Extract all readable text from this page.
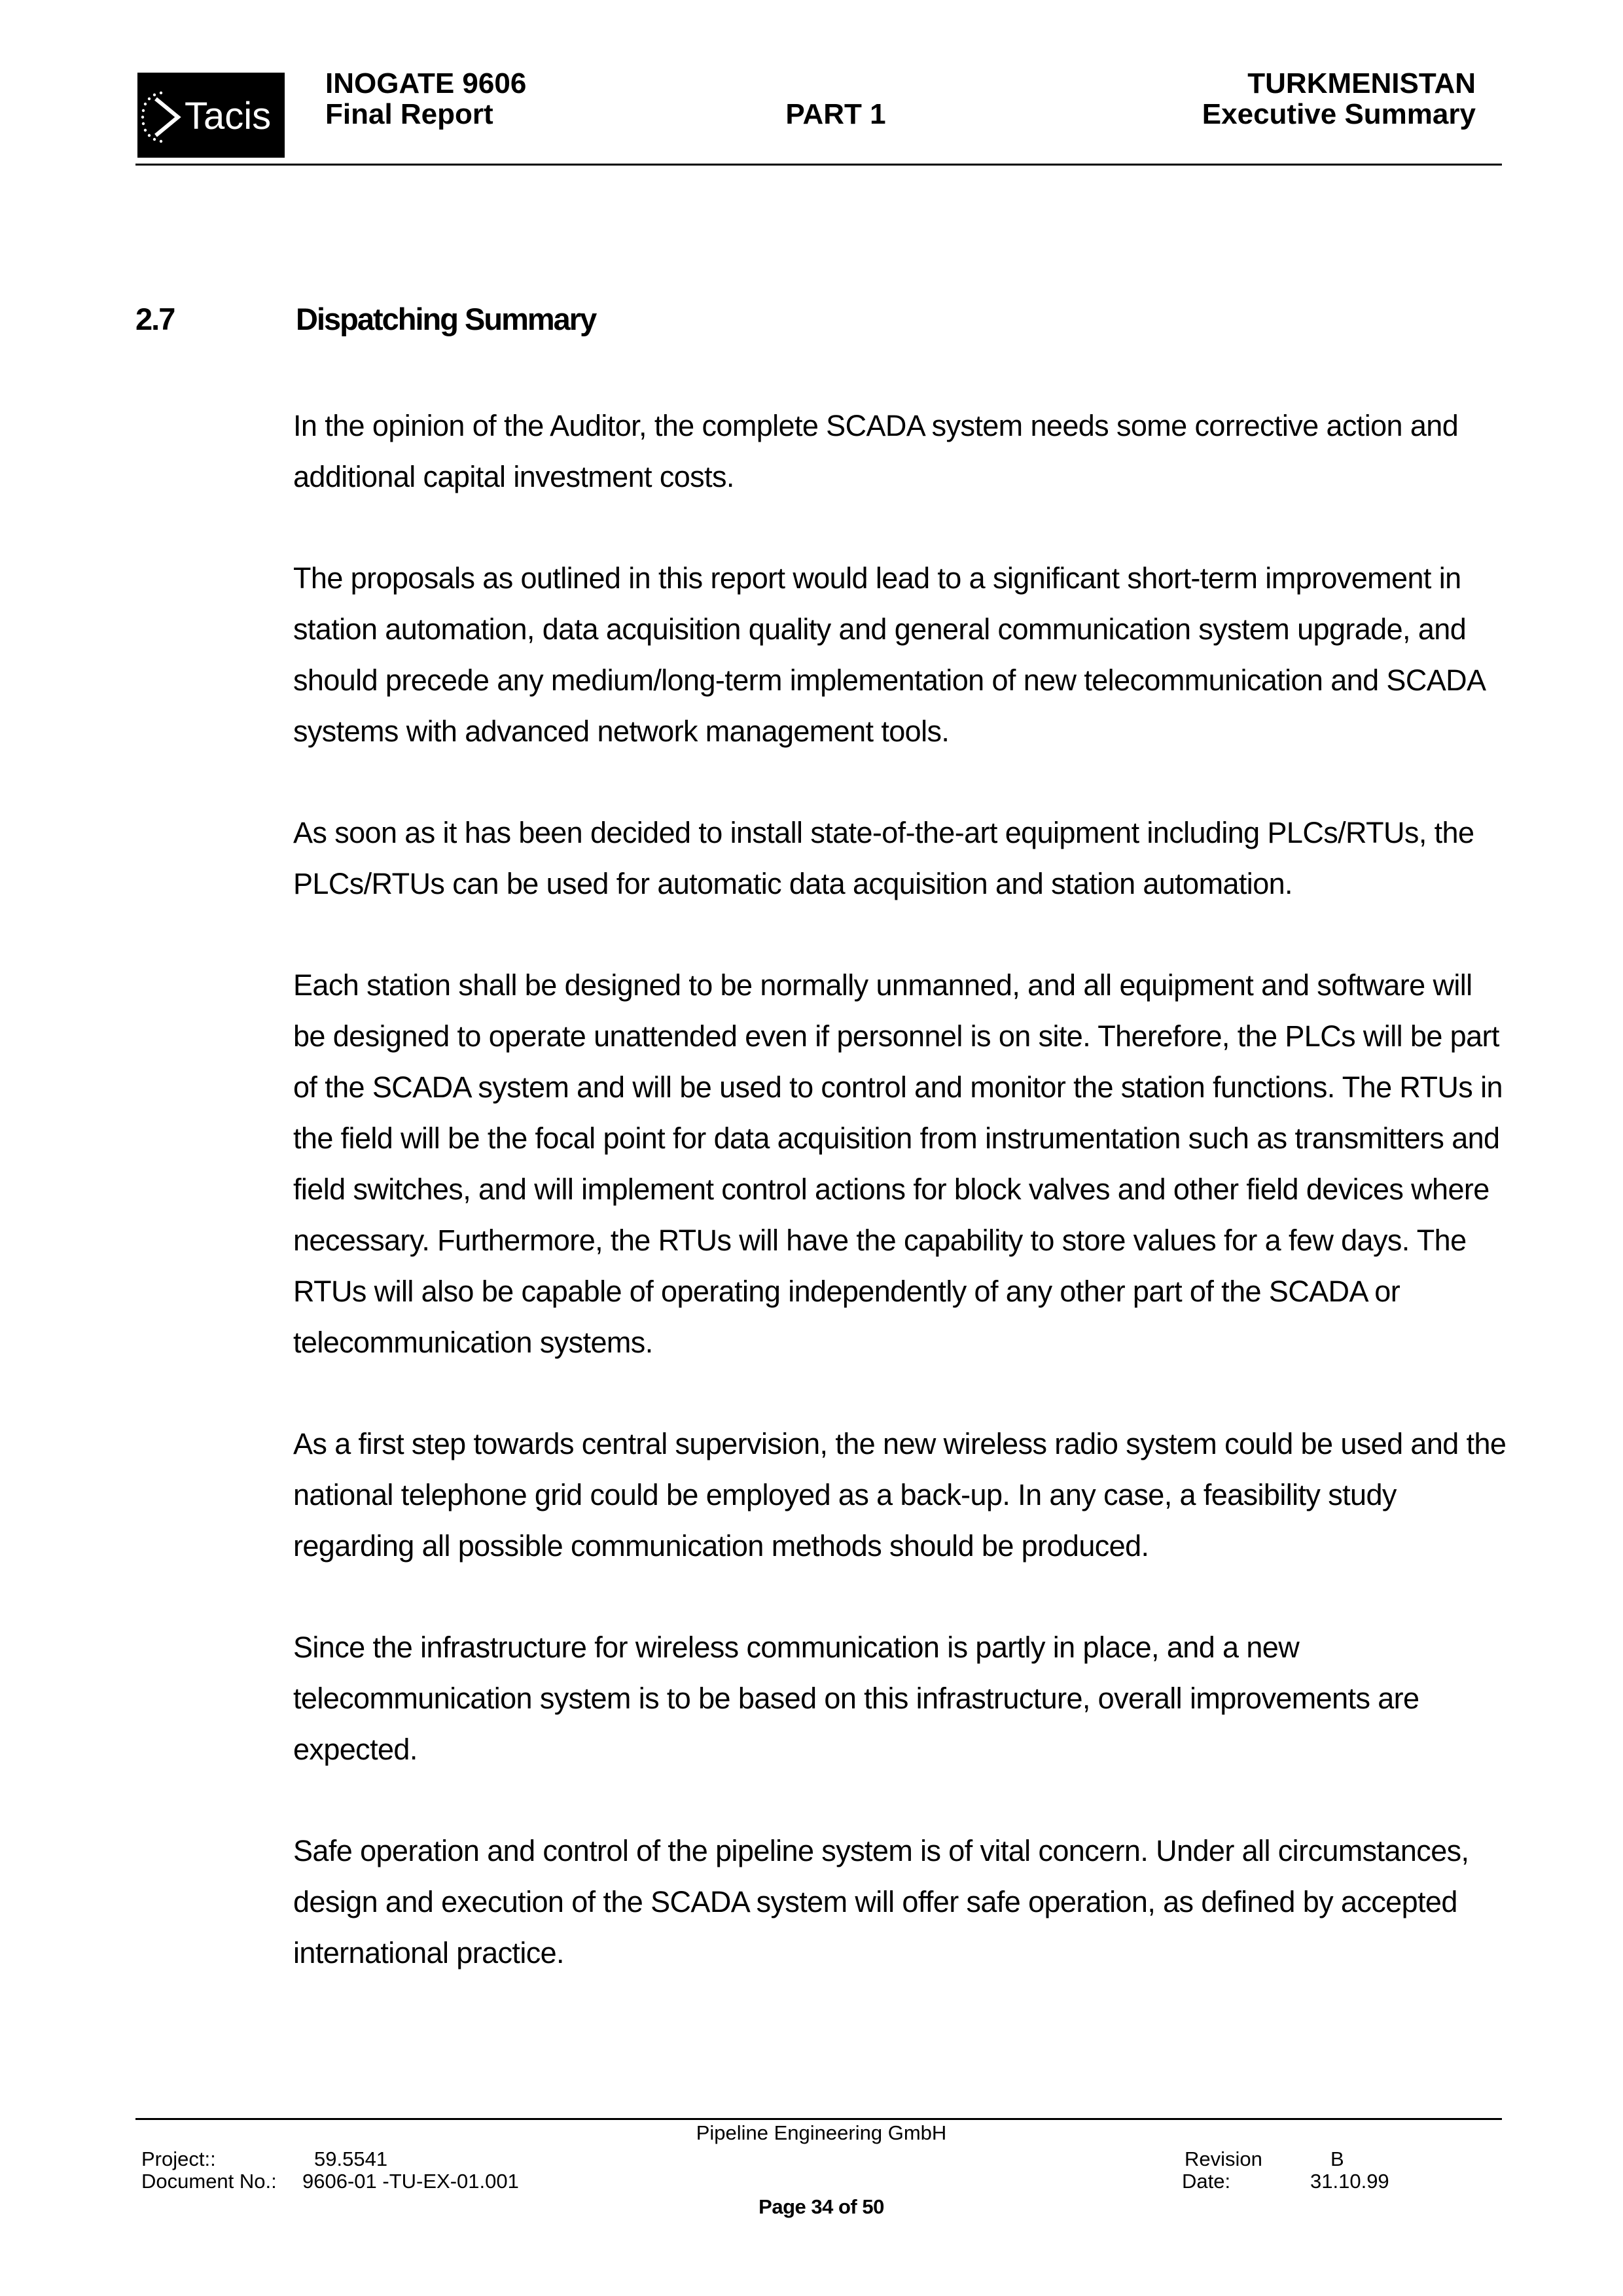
Tacis
INOGATE 9606
Final Report	PART 1
TURKMENISTAN
Executive Summary
2.7	Dispatching Summary

In the opinion of the Auditor, the complete SCADA system needs some corrective action and additional capital investment costs.

The proposals as outlined in this report would lead to a significant short-term improvement in station automation, data acquisition quality and general communication system upgrade, and should precede any medium/long-term implementation of new telecommunication and SCADA systems with advanced network management tools.

As soon as it has been decided to install state-of-the-art equipment including PLCs/RTUs, the PLCs/RTUs can be used for automatic data acquisition and station automation.

Each station shall be designed to be normally unmanned, and all equipment and software will be designed to operate unattended even if personnel is on site. Therefore, the PLCs will be part of the SCADA system and will be used to control and monitor the station functions. The RTUs in the field will be the focal point for data acquisition from instrumentation such as transmitters and field switches, and will implement control actions for block valves and other field devices where necessary. Furthermore, the RTUs will have the capability to store values for a few days. The RTUs will also be capable of operating independently of any other part of the SCADA or telecommunication systems.

As a first step towards central supervision, the new wireless radio system could be used and the national telephone grid could be employed as a back-up. In any case, a feasibility study regarding all possible communication methods should be produced.

Since the infrastructure for wireless communication is partly in place, and a new telecommunication system is to be based on this infrastructure, overall improvements are expected.

Safe operation and control of the pipeline system is of vital concern. Under all circumstances, design and execution of the SCADA system will offer safe operation, as defined by accepted international practice.

Pipeline Engineering GmbH
Project::	59.5541
Document No.: 9606-01 -TU-EX-01.001
Revision	B
Date:	31.10.99
Page 34 of 50
